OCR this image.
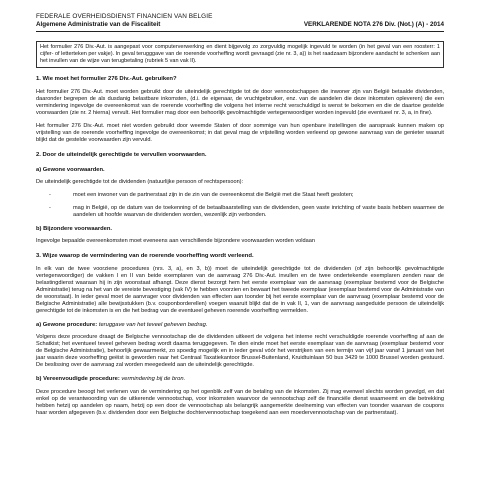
FEDERALE OVERHEIDSDIENST FINANCIEN VAN BELGIE
Algemene Administratie van de Fiscaliteit	VERKLARENDE NOTA 276 Div. (Not.) (A) - 2014
Het formulier 276 Div.-Aut. is aangepast voor computerverwerking en dient bijgevolg zo zorgvuldig mogelijk ingevuld te worden (in het geval van een roosterr: 1 cijfer- of letterteken per vakje). In geval terugggave van de roerende voorheffing wordt gevraagd (zie nr. 3, a)) is het raadzaam bijzondere aandacht te schenken aan het invullen van de wijze van terugbetaling (rubriek 5 van vak II).
1. Wie moet het formulier 276 Div.-Aut. gebruiken?

Het formulier 276 Div.-Aut. moet worden gebruikt door de uiteindelijk gerechtigde tot de door vennootschappen die inwoner zijn van België betaalde dividenden, daaronder begrepen de als dusdanig belastbare inkomsten, (d.i. de eigenaar, de vruchtgebruiker, enz. van de aandelen die deze inkomsten opleveren) die een vermindering ingevolge de overeenkomst van de roerende voorheffing die volgens het interne recht verschuldigd is wenst te bekomen en die de daartoe gestelde voorwaarden (zie nr. 2 hierna) vervult. Het formulier mag door een behoorlijk gevolmachtigde vertegenwoordiger worden ingevuld (zie eventueel nr. 3, a, in fine).

Het formulier 276 Div.-Aut. moet niet worden gebruikt door weemde Staten of door sommige van hun openbare instellingen die aanspraak kunnen maken op vrijstelling van de roerende voorheffing ingevolge de overeenkomst; in dat geval mag de vrijstelling worden verleend op gewone aanvraag van de genieter waaruit blijkt dat de gestelde voorwaarden zijn vervuld.

2. Door de uiteindelijk gerechtigde te vervullen voorwaarden.
a) Gewone voorwaarden.

De uiteindelijk gerechtigde tot de dividenden (natuurlijke persoon of rechtspersoon):

-	moet een inwoner van de partnerstaat zijn in de zin van de overeenkomst die België met die Staat heeft gesloten;
-	mag in België, op de datum van de toekenning of de betaalbaarstelling van de dividenden, geen vaste inrichting of vaste basis hebben waarmee de aandelen uit hoofde waarvan de dividenden worden, wezenlijk zijn verbonden.
b) Bijzondere voorwaarden.

Ingevolge bepaalde overeenkomsten moet eveneens aan verschillende bijzondere voorwaarden worden voldaan

3. Wijze waarop de vermindering van de roerende voorheffing wordt verleend.

In elk van de twee voorziene procedures (nrs. 3, a), en 3, b)) moet de uiteindelijk gerechtigde tot de dividenden (of zijn behoorlijk gevolmachtigde vertegenwoordiger) de vakken I en II van beide exemplaren van de aanvraag 276 Div.-Aut. invullen en de twee ondertekende exemplaren zenden naar de belastingdienst waaraan hij in zijn woonstaat afhangt. Deze dienst bezorgt hem het eerste exemplaar van de aanvraag (exemplaar bestemd voor de Belgische Administratie) terug na het van de vereiste bevestiging (vak IV) te hebben voorzien en bewaart het tweede exemplaar (exemplaar bestemd voor de Administratie van de woonstaat). In ieder geval moet de aanvrager voor dividenden van effecten aan toonder bij het eerste exemplaar van de aanvraag (exemplaar bestemd voor de Belgische Administratie) alle bewijsstukken (b.v. couponborderellen) voegen waaruit blijkt dat de in vak II, 1, van de aanvraag aangeduide persoon de uiteindelijk gerechtigde tot de inkomsten is en die het bedrag van de eventueel geheven roerende voorheffing vermelden.

a) Gewone procedure: teruggave van het teveel geheven bedrag.

Volgens deze procedure draagt de Belgische vennootschap die de dividenden uitkeert de volgens het interne recht verschuldigde roerende voorheffing af aan de Schatkist; het eventueel teveel geheven bedrag wordt daarna teruggegeven. Te dien einde moet het eerste exemplaar van de aanvraag (exemplaar bestemd voor de Belgische Administratie), behoorlijk gewaarmerkt, zo spoedig mogelijk en in ieder geval vóór het verstrijken van een termijn van vijf jaar vanaf 1 januari van het jaar waarin deze voorheffing geëist is geworden naar het Centraal Taxatiekantoor Brussel-Buitenland, Kruidtuinlaan 50 bus 3429 te 1000 Brussel worden gestuurd. De beslissing over de aanvraag zal worden meegedeeld aan de uiteindelijk gerechtigde.

b) Vereenvoudigde procedure: vermindering bij de bron.

Deze procedure beoogt het verlenen van de vermindering op het ogenblik zelf van de betaling van de inkomsten. Zij mag evenwel slechts worden gevolgd, en dat enkel op de verantwoording van de uitkerende vennootschap, voor inkomsten waarvoor de vennootschap zelf de financiële dienst waarneemt en die betrekking hebben hetzij op aandelen op naam, hetzij op een door de vennootschap als belangrijk aangemerkte deelneming van effecten van toonder waarvan de coupons haar worden afgegeven (b.v. dividenden door een Belgische dochtervennootschap toegekend aan een moedervennootschap van de partnerstaat).
